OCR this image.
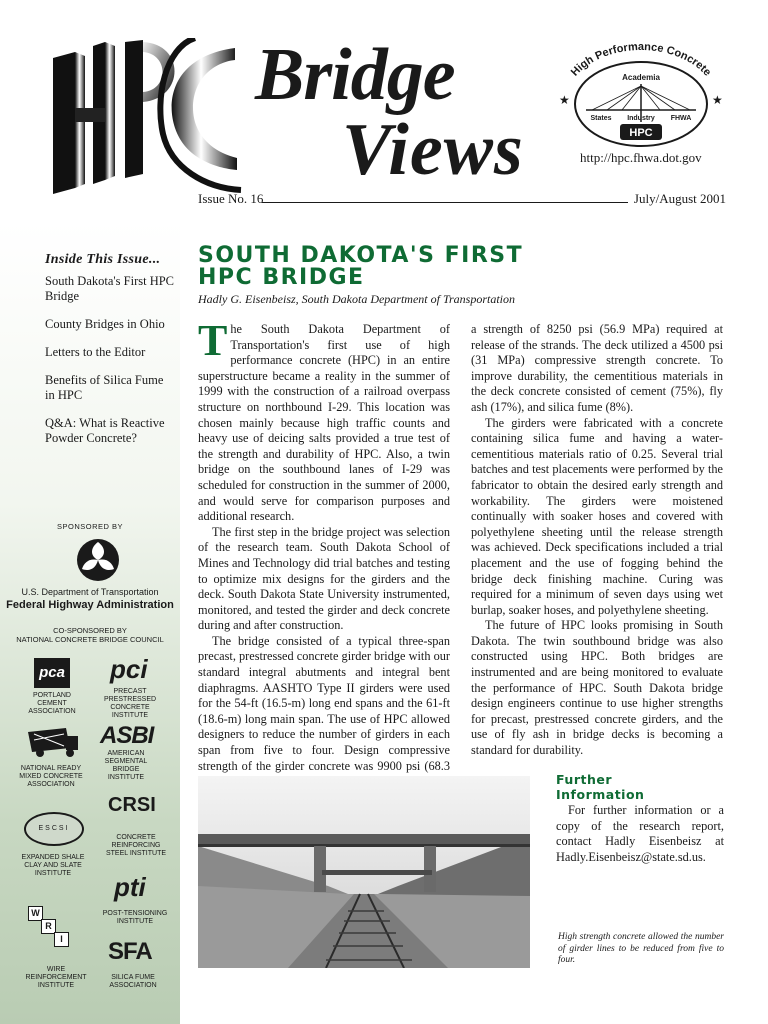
Bridge
Views
High Performance Concrete
★	★
Academia
States Industry FHWA
HPC
http://hpc.fhwa.dot.gov
Issue No. 16	July/August 2001
Inside This Issue...
South Dakota's First HPC Bridge
County Bridges in Ohio
Letters to the Editor
Benefits of Silica Fume in HPC
Q&A: What is Reactive Powder Concrete?
SPONSORED BY
U.S. Department of Transportation
Federal Highway Administration
CO-SPONSORED BY
NATIONAL CONCRETE BRIDGE COUNCIL
pca
PORTLAND CEMENT ASSOCIATION
pci
PRECAST PRESTRESSED CONCRETE INSTITUTE
NATIONAL READY MIXED CONCRETE ASSOCIATION
ASBI
AMERICAN SEGMENTAL BRIDGE INSTITUTE
CRSI
CONCRETE REINFORCING STEEL INSTITUTE
ESCSI
EXPANDED SHALE CLAY AND SLATE INSTITUTE	pti
POST-TENSIONING INSTITUTE
W
R
I
WIRE REINFORCEMENT INSTITUTE
SFA
SILICA FUME ASSOCIATION
SOUTH DAKOTA'S FIRST
HPC BRIDGE
Hadly G. Eisenbeisz, South Dakota Department of Transportation

The South Dakota Department of Transportation's first use of high performance concrete (HPC) in an entire superstructure became a reality in the summer of 1999 with the construction of a railroad overpass structure on northbound I-29. This location was chosen mainly because high traffic counts and heavy use of deicing salts provided a true test of the strength and durability of HPC. Also, a twin bridge on the southbound lanes of I-29 was scheduled for construction in the summer of 2000, and would serve for comparison purposes and additional research.

The first step in the bridge project was selection of the research team. South Dakota School of Mines and Technology did trial batches and testing to optimize mix designs for the girders and the deck. South Dakota State University instrumented, monitored, and tested the girder and deck concrete during and after construction.

The bridge consisted of a typical three-span precast, prestressed concrete girder bridge with our standard integral abutments and integral bent diaphragms. AASHTO Type II girders were used for the 54-ft (16.5-m) long end spans and the 61-ft (18.6-m) long main span. The use of HPC allowed designers to reduce the number of girders in each span from five to four. Design compressive strength of the girder concrete was 9900 psi (68.3

a strength of 8250 psi (56.9 MPa) required at release of the strands. The deck utilized a 4500 psi (31 MPa) compressive strength concrete. To improve durability, the cementitious materials in the deck concrete consisted of cement (75%), fly ash (17%), and silica fume (8%).

The girders were fabricated with a concrete containing silica fume and having a water-cementitious materials ratio of 0.25. Several trial batches and test placements were performed by the fabricator to obtain the desired early strength and workability. The girders were moistened continually with soaker hoses and covered with polyethylene sheeting until the release strength was achieved. Deck specifications included a trial placement and the use of fogging behind the bridge deck finishing machine. Curing was required for a minimum of seven days using wet burlap, soaker hoses, and polyethylene sheeting.

The future of HPC looks promising in South Dakota. The twin southbound bridge was also constructed using HPC. Both bridges are instrumented and are being monitored to evaluate the performance of HPC. South Dakota bridge design engineers continue to use higher strengths for precast, prestressed concrete girders, and the use of fly ash in bridge decks is becoming a standard for durability.

Further
Information

For further information or a copy of the research report, contact Hadly Eisenbeisz at Hadly.Eisenbeisz@state.sd.us.

High strength concrete allowed the number of girder lines to be reduced from five to four.
